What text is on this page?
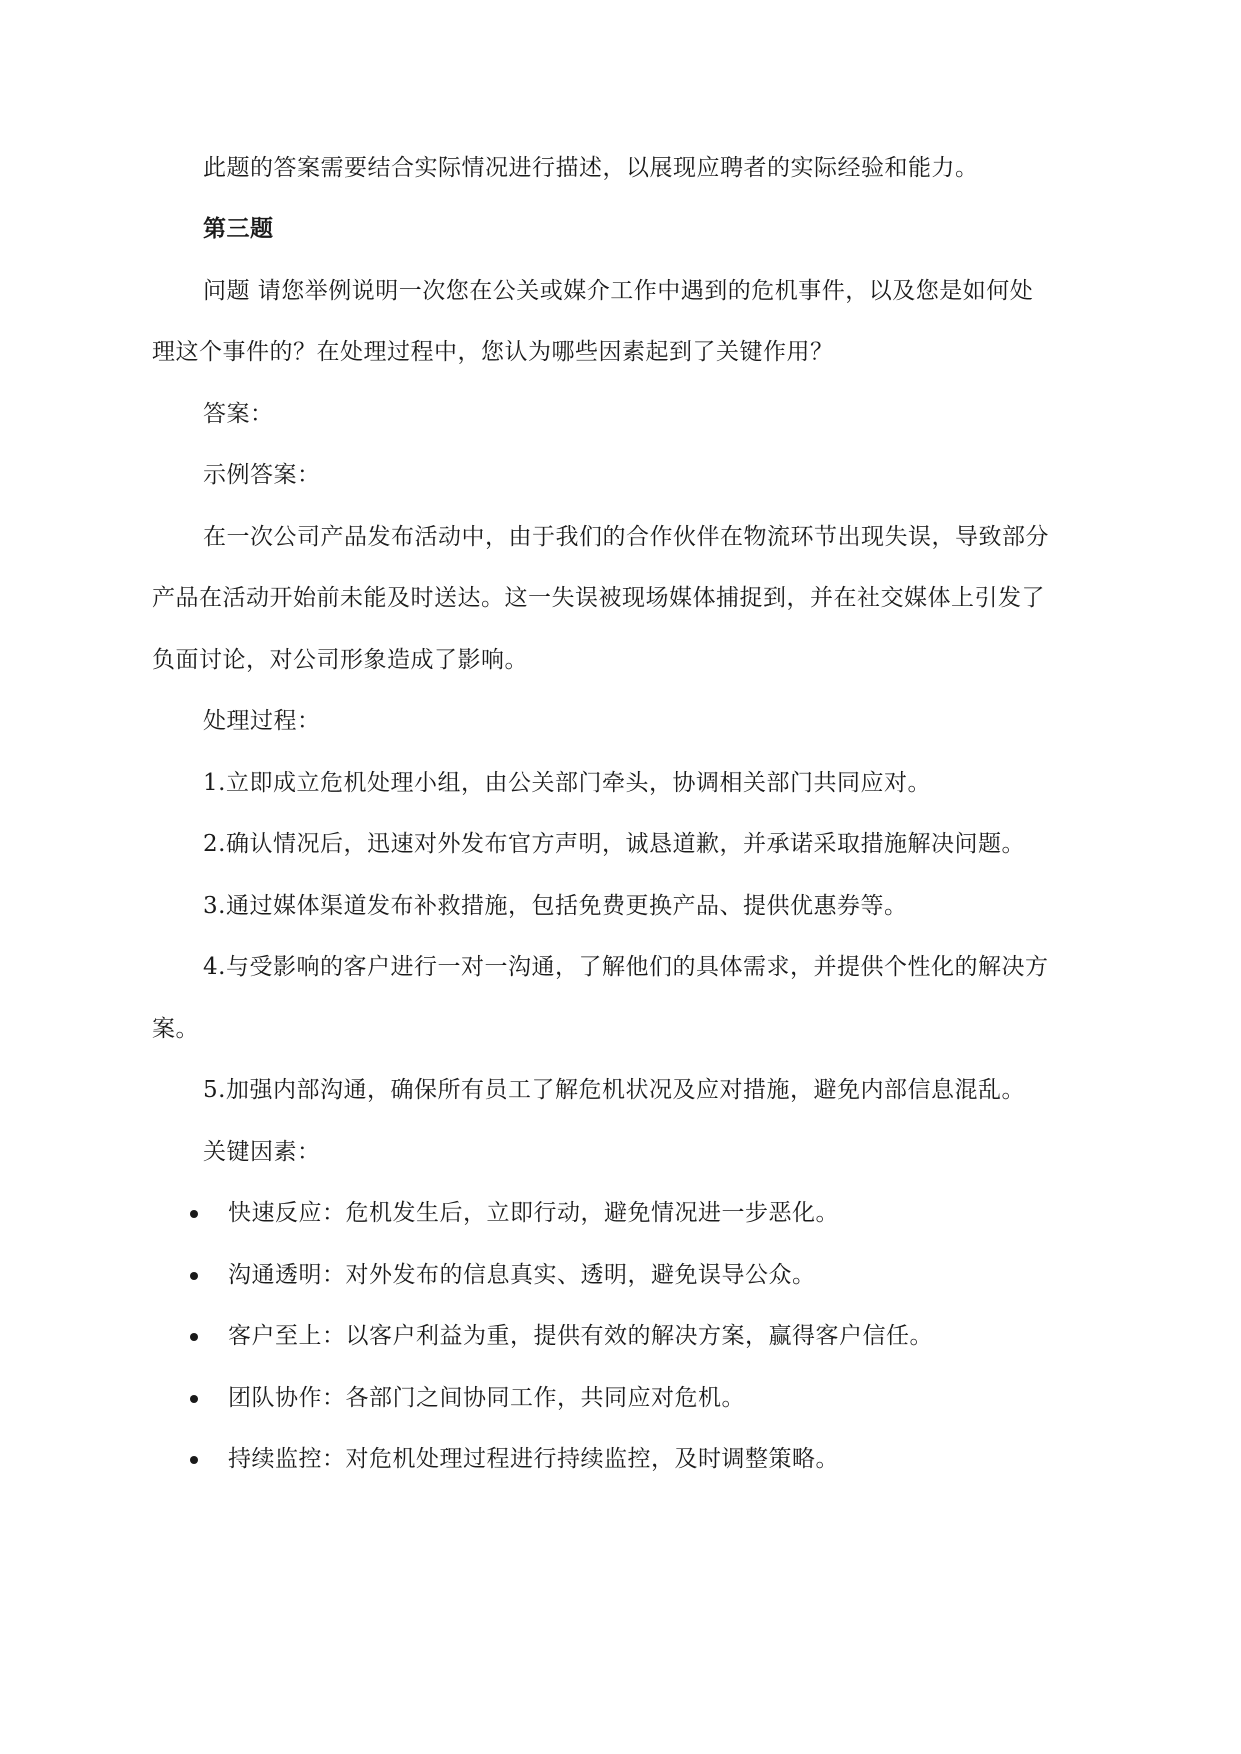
此题的答案需要结合实际情况进行描述，以展现应聘者的实际经验和能力。
第三题
问题 请您举例说明一次您在公关或媒介工作中遇到的危机事件，以及您是如何处
理这个事件的？在处理过程中，您认为哪些因素起到了关键作用？
答案：
示例答案：
在一次公司产品发布活动中，由于我们的合作伙伴在物流环节出现失误，导致部分
产品在活动开始前未能及时送达。这一失误被现场媒体捕捉到，并在社交媒体上引发了
负面讨论，对公司形象造成了影响。
处理过程：
1.立即成立危机处理小组，由公关部门牵头，协调相关部门共同应对。
2.确认情况后，迅速对外发布官方声明，诚恳道歉，并承诺采取措施解决问题。
3.通过媒体渠道发布补救措施，包括免费更换产品、提供优惠券等。
4.与受影响的客户进行一对一沟通，了解他们的具体需求，并提供个性化的解决方
案。
5.加强内部沟通，确保所有员工了解危机状况及应对措施，避免内部信息混乱。
关键因素：
快速反应：危机发生后，立即行动，避免情况进一步恶化。
沟通透明：对外发布的信息真实、透明，避免误导公众。
客户至上：以客户利益为重，提供有效的解决方案，赢得客户信任。
团队协作：各部门之间协同工作，共同应对危机。
持续监控：对危机处理过程进行持续监控，及时调整策略。
